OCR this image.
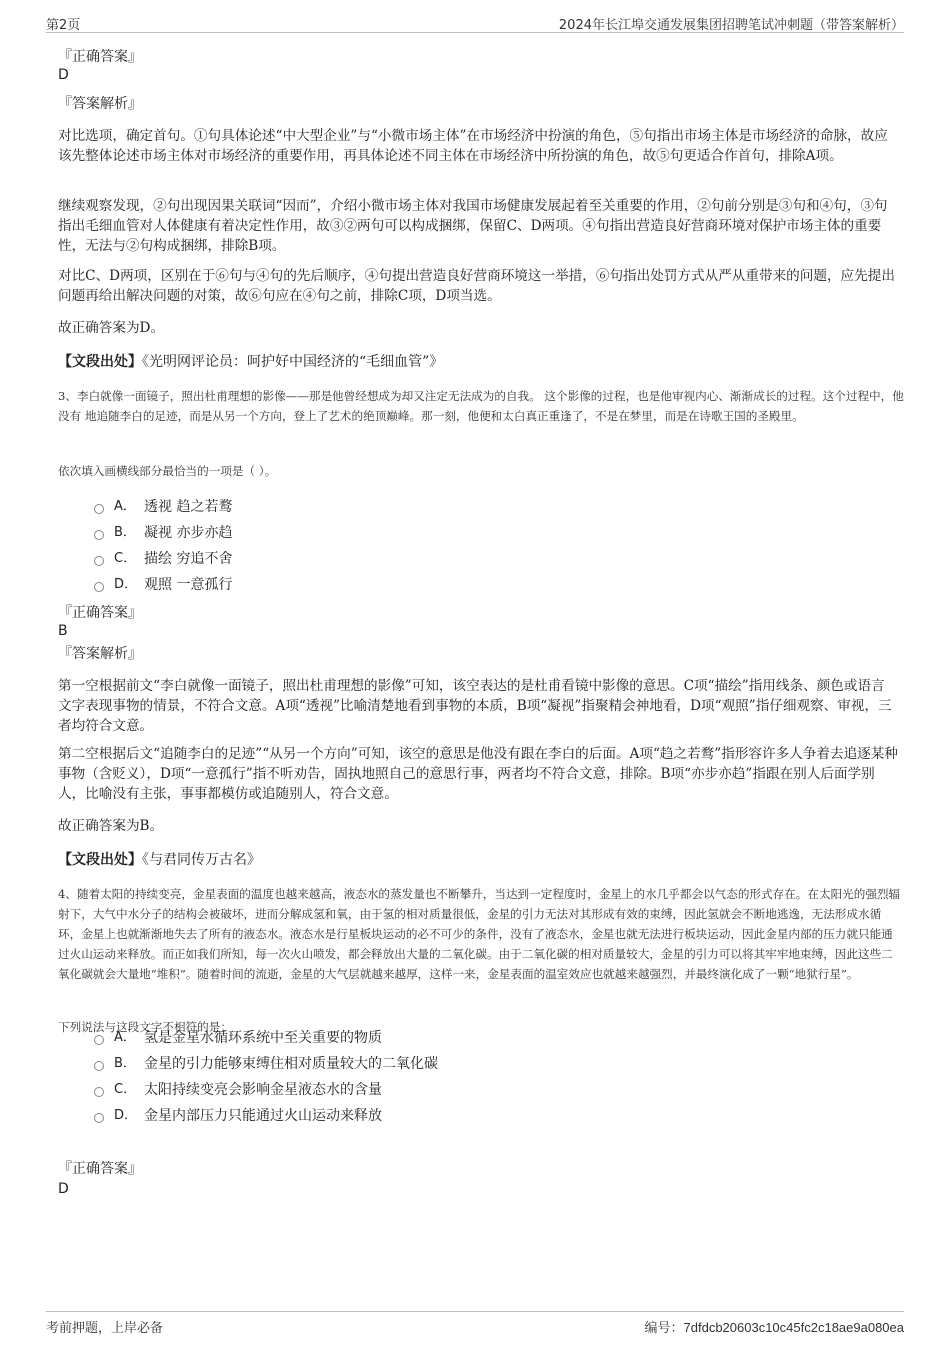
第2页	2024年长江埠交通发展集团招聘笔试冲刺题（带答案解析）
『正确答案』
D
『答案解析』

对比选项，确定首句。①句具体论述“中大型企业”与“小微市场主体”在市场经济中扮演的角色，⑤句指出市场主体是市场经济的命脉，故应该先整体论述市场主体对市场经济的重要作用，再具体论述不同主体在市场经济中所扮演的角色，故⑤句更适合作首句，排除A项。

继续观察发现，②句出现因果关联词“因而”，介绍小微市场主体对我国市场健康发展起着至关重要的作用，②句前分别是③句和④句，③句指出毛细血管对人体健康有着决定性作用，故③②两句可以构成捆绑，保留C、D两项。④句指出营造良好营商环境对保护市场主体的重要性，无法与②句构成捆绑，排除B项。

对比C、D两项，区别在于⑥句与④句的先后顺序，④句提出营造良好营商环境这一举措，⑥句指出处罚方式从严从重带来的问题，应先提出问题再给出解决问题的对策，故⑥句应在④句之前，排除C项，D项当选。

故正确答案为D。

【文段出处】《光明网评论员：呵护好中国经济的“毛细血管”》

3、李白就像一面镜子，照出杜甫理想的影像——那是他曾经想成为却又注定无法成为的自我。 这个影像的过程，也是他审视内心、渐渐成长的过程。这个过程中，他没有 地追随李白的足迹，而是从另一个方向，登上了艺术的绝顶巅峰。那一刻，他便和太白真正重逢了，不是在梦里，而是在诗歌王国的圣殿里。

依次填入画横线部分最恰当的一项是（ ）。

A． 透视 趋之若鹜
B． 凝视 亦步亦趋
C． 描绘 穷追不舍
D． 观照 一意孤行
『正确答案』
B
『答案解析』

第一空根据前文“李白就像一面镜子，照出杜甫理想的影像”可知，该空表达的是杜甫看镜中影像的意思。C项“描绘”指用线条、颜色或语言文字表现事物的情景，不符合文意。A项“透视”比喻清楚地看到事物的本质，B项“凝视”指聚精会神地看，D项“观照”指仔细观察、审视，三者均符合文意。

第二空根据后文“追随李白的足迹”“从另一个方向”可知，该空的意思是他没有跟在李白的后面。A项“趋之若鹜”指形容许多人争着去追逐某种事物（含贬义），D项“一意孤行”指不听劝告，固执地照自己的意思行事，两者均不符合文意，排除。B项“亦步亦趋”指跟在别人后面学别人，比喻没有主张，事事都模仿或追随别人，符合文意。

故正确答案为B。

【文段出处】《与君同传万古名》

4、随着太阳的持续变亮，金星表面的温度也越来越高，液态水的蒸发量也不断攀升，当达到一定程度时，金星上的水几乎都会以气态的形式存在。在太阳光的强烈辐射下，大气中水分子的结构会被破坏，进而分解成氢和氧，由于氢的相对质量很低，金星的引力无法对其形成有效的束缚，因此氢就会不断地逃逸，无法形成水循环，金星上也就渐渐地失去了所有的液态水。液态水是行星板块运动的必不可少的条件，没有了液态水，金星也就无法进行板块运动，因此金星内部的压力就只能通过火山运动来释放。而正如我们所知，每一次火山喷发，都会释放出大量的二氧化碳。由于二氧化碳的相对质量较大，金星的引力可以将其牢牢地束缚，因此这些二氧化碳就会大量地“堆积”。随着时间的流逝，金星的大气层就越来越厚，这样一来，金星表面的温室效应也就越来越强烈，并最终演化成了一颗“地狱行星”。

下列说法与这段文字不相符的是：

A． 氢是金星水循环系统中至关重要的物质
B． 金星的引力能够束缚住相对质量较大的二氧化碳
C． 太阳持续变亮会影响金星液态水的含量
D． 金星内部压力只能通过火山运动来释放
『正确答案』
D
考前押题，上岸必备	编号：7dfdcb20603c10c45fc2c18ae9a080ea
